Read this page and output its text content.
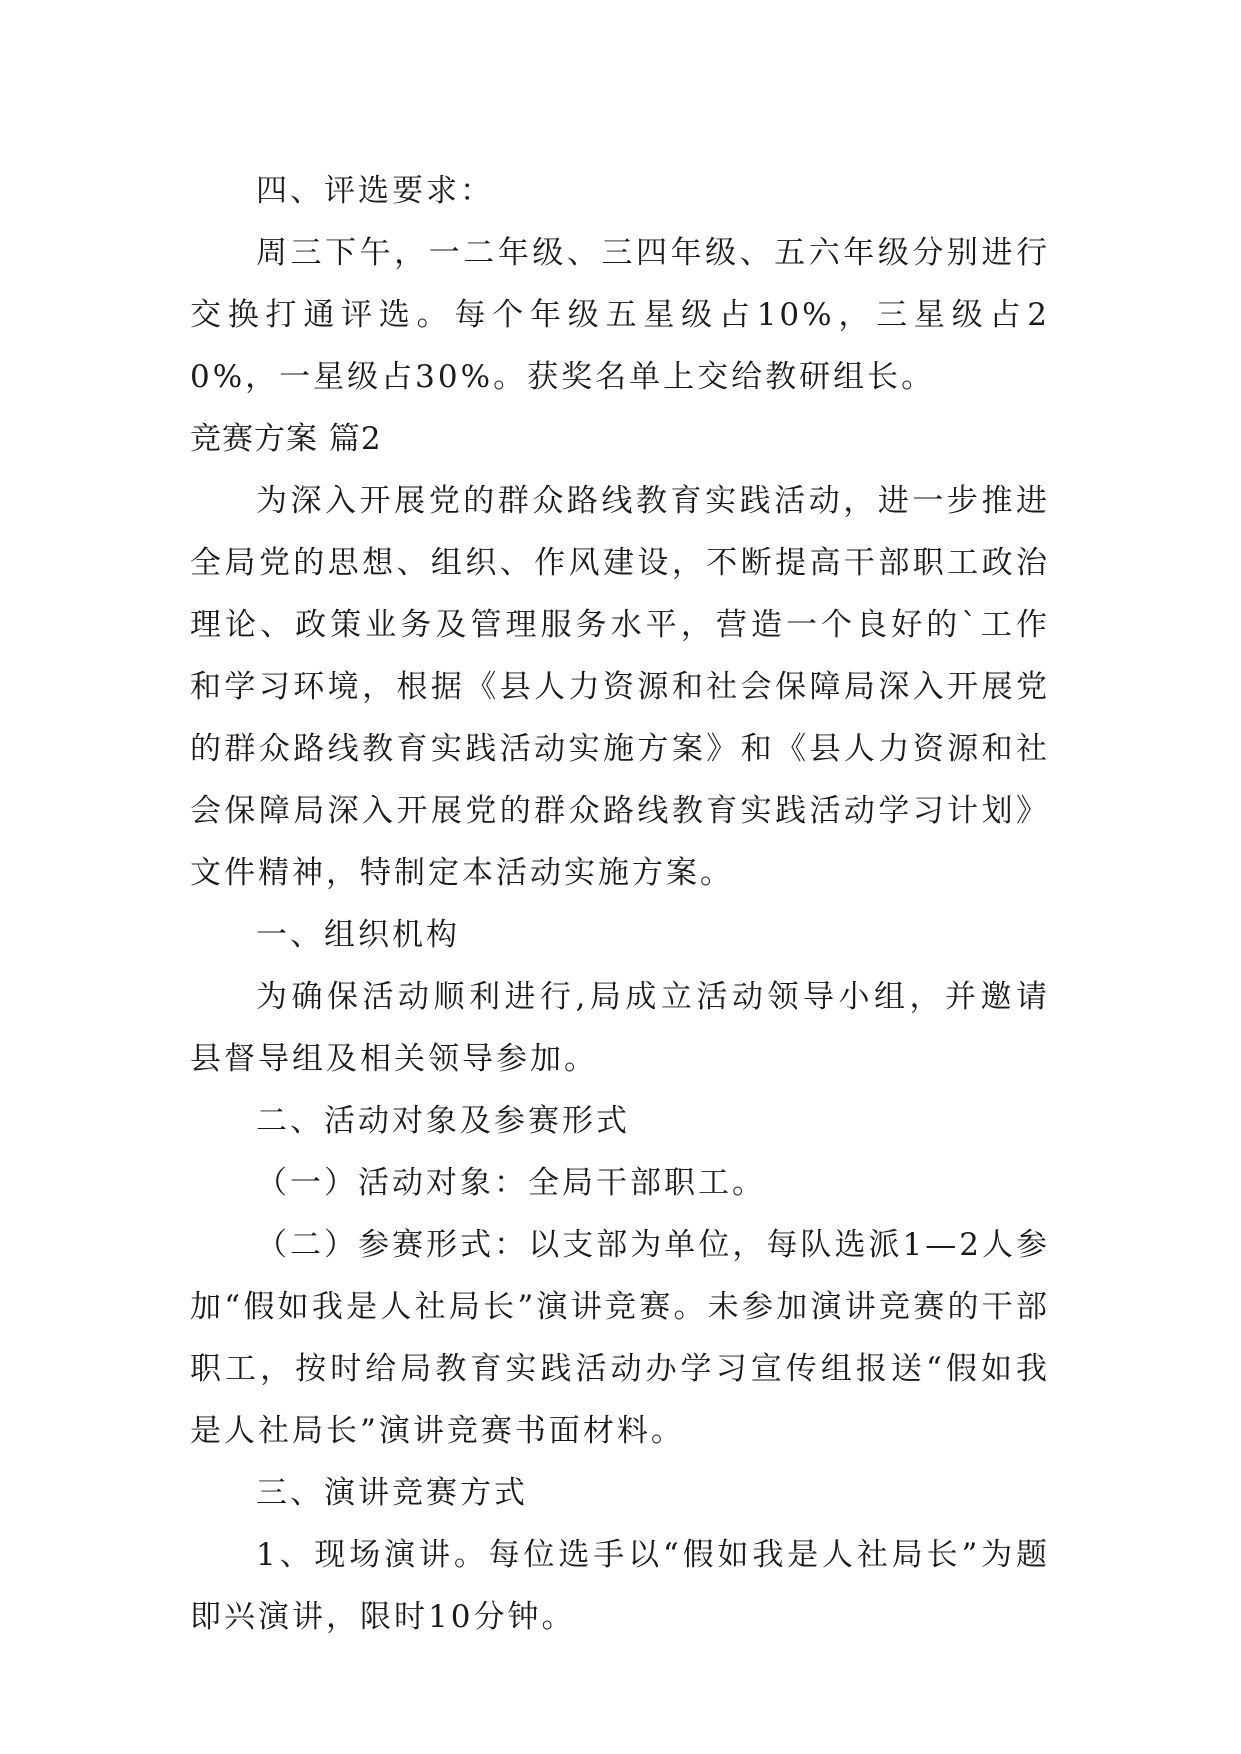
四、评选要求：

周三下午，一二年级、三四年级、五六年级分别进行交换打通评选。每个年级五星级占10%，三星级占20%，一星级占30%。获奖名单上交给教研组长。

竞赛方案 篇2

为深入开展党的群众路线教育实践活动，进一步推进全局党的思想、组织、作风建设，不断提高干部职工政治理论、政策业务及管理服务水平，营造一个良好的`工作和学习环境，根据《县人力资源和社会保障局深入开展党的群众路线教育实践活动实施方案》和《县人力资源和社会保障局深入开展党的群众路线教育实践活动学习计划》文件精神，特制定本活动实施方案。

一、组织机构

为确保活动顺利进行,局成立活动领导小组，并邀请县督导组及相关领导参加。

二、活动对象及参赛形式

（一）活动对象：全局干部职工。

（二）参赛形式：以支部为单位，每队选派1—2人参加“假如我是人社局长”演讲竞赛。未参加演讲竞赛的干部职工，按时给局教育实践活动办学习宣传组报送“假如我是人社局长”演讲竞赛书面材料。

三、演讲竞赛方式

1、现场演讲。每位选手以“假如我是人社局长”为题即兴演讲，限时10分钟。
